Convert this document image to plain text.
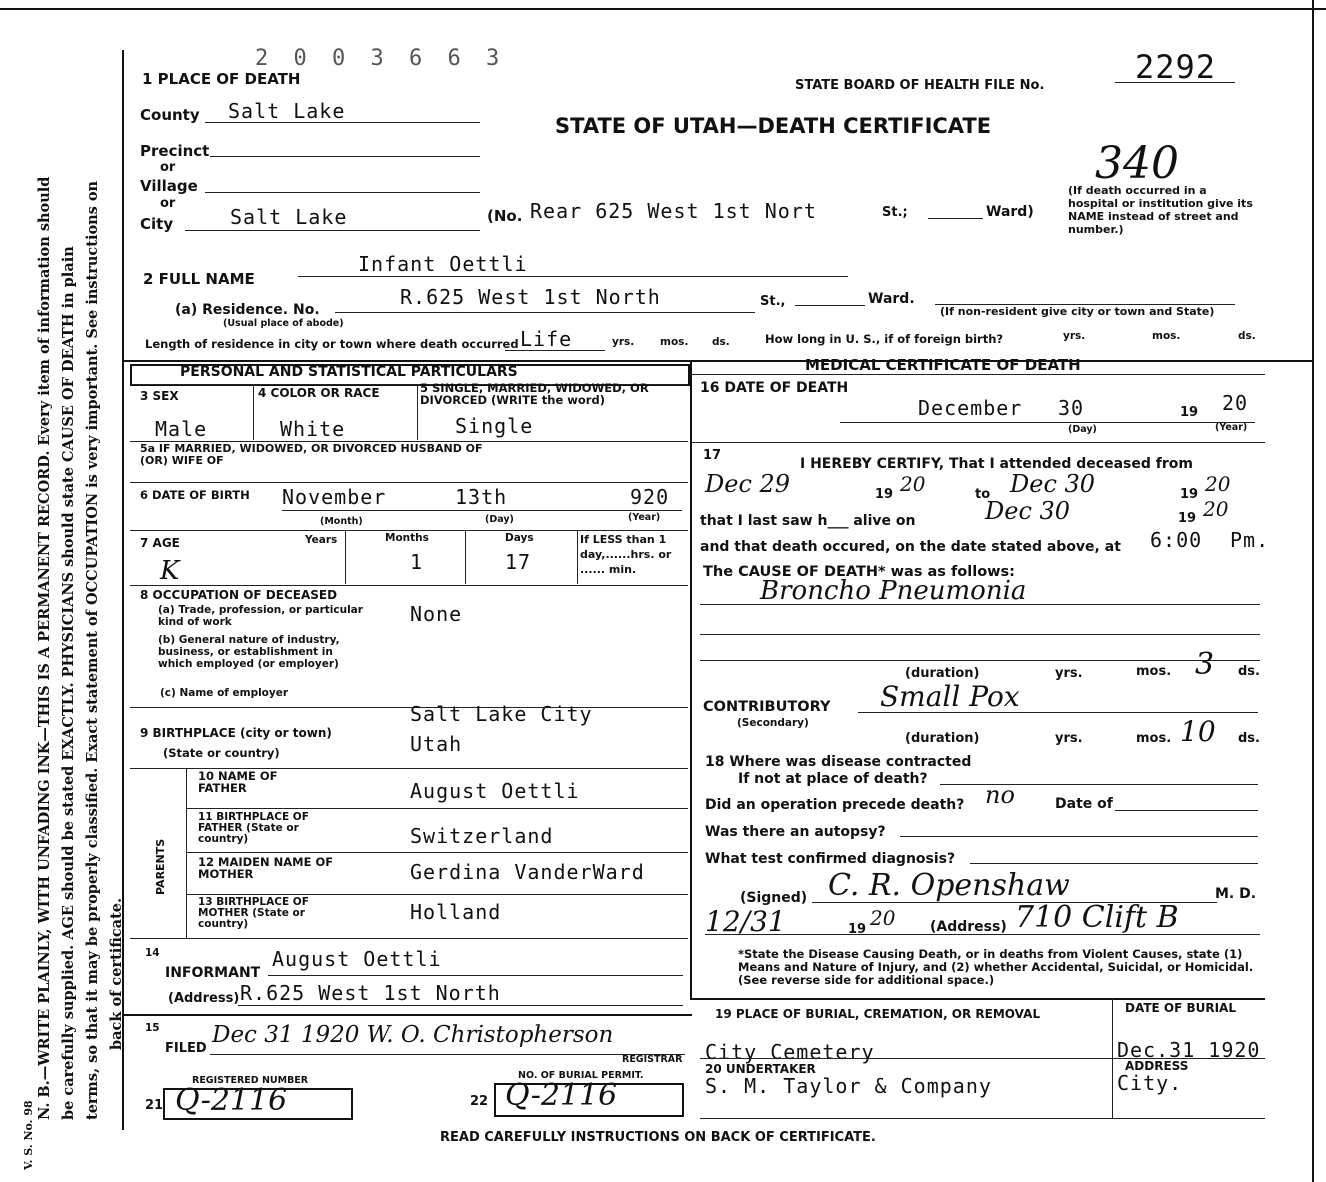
V. S. No. 98
N. B.—WRITE PLAINLY, WITH UNFADING INK—THIS IS A PERMANENT RECORD. Every item of information should be carefully supplied. AGE should be stated EXACTLY. PHYSICIANS should state CAUSE OF DEATH in plain terms, so that it may be properly classified. Exact statement of OCCUPATION is very important. See instructions on back of certificate.
2 0 0 3 6 6 3
1 PLACE OF DEATH	STATE BOARD OF HEALTH FILE No.	2292
STATE OF UTAH—DEATH CERTIFICATE
340
(If death occurred in a hospital or institution give its NAME instead of street and number.)
County Salt Lake
Precinct
or
Village
or
City	Salt Lake	(No. Rear 625 West 1st Nort	St.;	Ward)
2 FULL NAME
Infant Oettli
(a) Residence. No.
R.625 West 1st North	St.,	Ward.
(Usual place of abode)
(If non-resident give city or town and State)
Length of residence in city or town where death occurred Life	yrs. mos. ds.	How long in U. S., if of foreign birth?	yrs.	mos.	ds.
PERSONAL AND STATISTICAL PARTICULARS
3 SEX	4 COLOR OR RACE	5 SINGLE, MARRIED, WIDOWED, OR DIVORCED (WRITE the word)
Male	White	Single
5a IF MARRIED, WIDOWED, OR DIVORCED HUSBAND OF (OR) WIFE OF
6 DATE OF BIRTH November	13th	920
(Month)	(Day)	(Year)
7 AGE	Years	Months	Days	If LESS than 1 day,......hrs. or ...... min.
K	1	17
8 OCCUPATION OF DECEASED
(a) Trade, profession, or particular kind of work	None
(b) General nature of industry, business, or establishment in which employed (or employer)
(c) Name of employer
9 BIRTHPLACE (city or town)
(State or country)
Salt Lake City
Utah
PARENTS
10 NAME OF FATHER	August Oettli
11 BIRTHPLACE OF FATHER (State or country)	Switzerland
12 MAIDEN NAME OF MOTHER	Gerdina VanderWard
13 BIRTHPLACE OF MOTHER (State or country)	Holland
14
INFORMANT
August Oettli
(Address) R.625 West 1st North
15
FILED
Dec 31 1920 W. O. Christopherson
REGISTRAR
REGISTERED NUMBER
21 Q-2116
NO. OF BURIAL PERMIT.
22 Q-2116
MEDICAL CERTIFICATE OF DEATH
16 DATE OF DEATH
December 30	19 20
(Day)	(Year)
17
I HEREBY CERTIFY, That I attended deceased from
Dec 29	19 20	to Dec 30	19 20
that I last saw h___ alive on	Dec 30	19 20
and that death occured, on the date stated above, at 6:00 Pm.
The CAUSE OF DEATH* was as follows:
Broncho Pneumonia
(duration)	yrs.	mos. 3 ds.
CONTRIBUTORY
(Secondary)
Small Pox
(duration)	yrs.	mos. 10 ds.
18 Where was disease contracted
If not at place of death?
Did an operation precede death? no	Date of
Was there an autopsy?
What test confirmed diagnosis?
(Signed) C. R. Openshaw	M. D.
12/31	19 20 (Address) 710 Clift B
*State the Disease Causing Death, or in deaths from Violent Causes, state (1) Means and Nature of Injury, and (2) whether Accidental, Suicidal, or Homicidal. (See reverse side for additional space.)
19 PLACE OF BURIAL, CREMATION, OR REMOVAL	DATE OF BURIAL
City Cemetery	Dec.31 1920
20 UNDERTAKER	ADDRESS
S. M. Taylor & Company	City.
READ CAREFULLY INSTRUCTIONS ON BACK OF CERTIFICATE.
